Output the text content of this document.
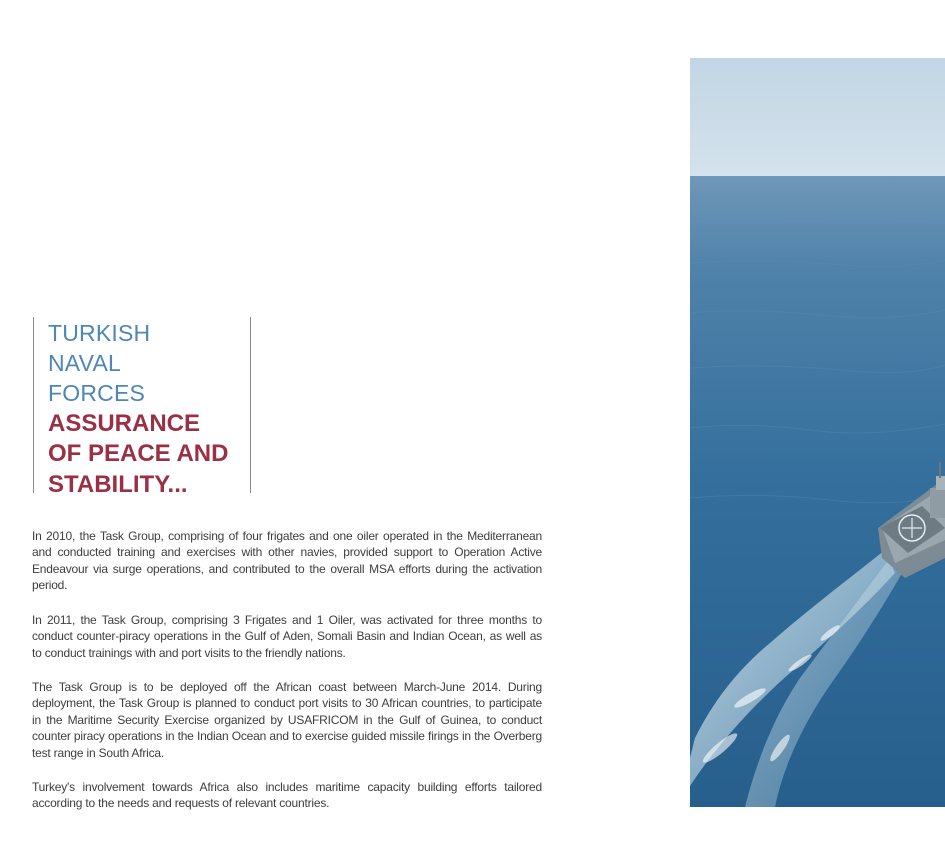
TURKISH
NAVAL
FORCES
ASSURANCE
OF PEACE AND
STABILITY...

In 2010, the Task Group, comprising of four frigates and one oiler operated in the Mediterranean and conducted training and exercises with other navies, provided support to Operation Active Endeavour via surge operations, and contributed to the overall MSA efforts during the activation period.

In 2011, the Task Group, comprising 3 Frigates and 1 Oiler, was activated for three months to conduct counter-piracy operations in the Gulf of Aden, Somali Basin and Indian Ocean, as well as to conduct trainings with and port visits to the friendly nations.

The Task Group is to be deployed off the African coast between March-June 2014. During deployment, the Task Group is planned to conduct port visits to 30 African countries, to participate in the Maritime Security Exercise organized by USAFRICOM in the Gulf of Guinea, to conduct counter piracy operations in the Indian Ocean and to exercise guided missile firings in the Overberg test range in South Africa.

Turkey's involvement towards Africa also includes maritime capacity building efforts tailored according to the needs and requests of relevant countries.
